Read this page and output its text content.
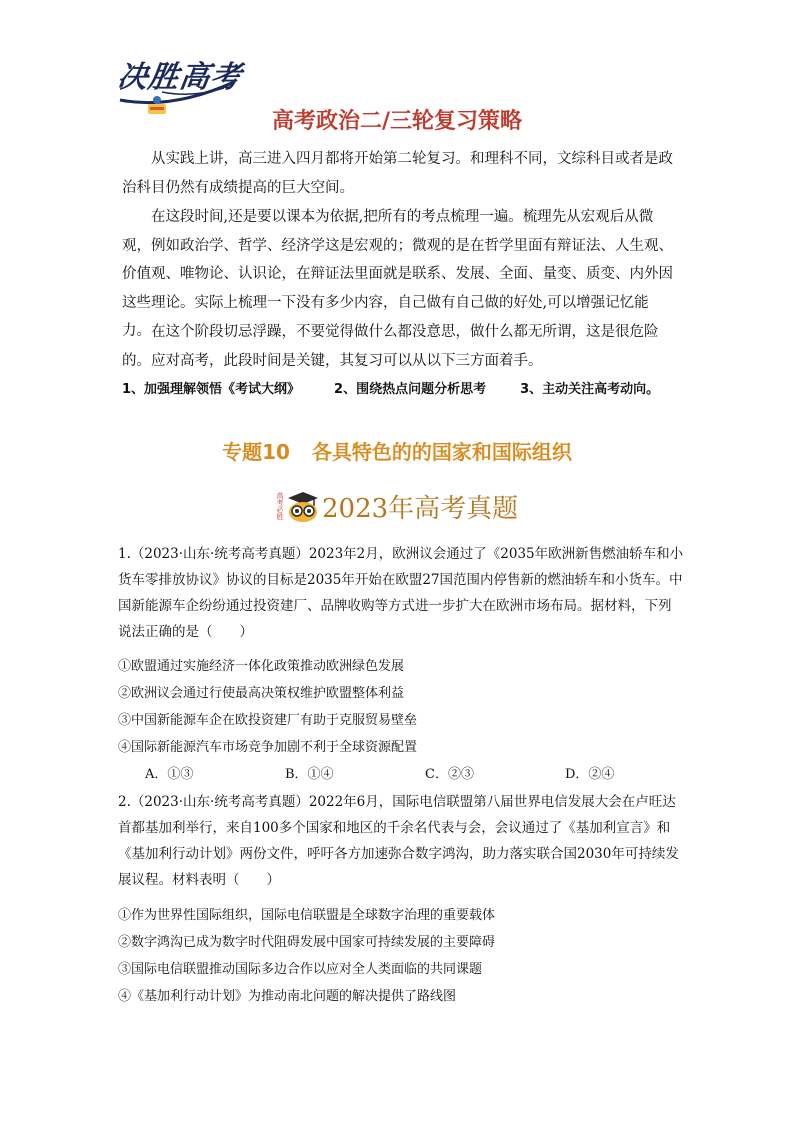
决胜高考
高考政治二/三轮复习策略

从实践上讲，高三进入四月都将开始第二轮复习。和理科不同，文综科目或者是政治科目仍然有成绩提高的巨大空间。

在这段时间,还是要以课本为依据,把所有的考点梳理一遍。梳理先从宏观后从微观，例如政治学、哲学、经济学这是宏观的；微观的是在哲学里面有辩证法、人生观、价值观、唯物论、认识论，在辩证法里面就是联系、发展、全面、量变、质变、内外因这些理论。实际上梳理一下没有多少内容，自己做有自己做的好处,可以增强记忆能力。 在这个阶段切忌浮躁，不要觉得做什么都没意思，做什么都无所谓，这是很危险的。应对高考，此段时间是关键，其复习可以从以下三方面着手。

1、加强理解领悟《考试大纲》	2、围绕热点问题分析思考	3、主动关注高考动向。
专题10 各具特色的的国家和国际组织
高考必胜 2023年高考真题

1.（2023·山东·统考高考真题）2023年2月，欧洲议会通过了《2035年欧洲新售燃油轿车和小货车零排放协议》协议的目标是2035年开始在欧盟27国范围内停售新的燃油轿车和小货车。中国新能源车企纷纷通过投资建厂、品牌收购等方式进一步扩大在欧洲市场布局。据材料，下列说法正确的是（　　）

①欧盟通过实施经济一体化政策推动欧洲绿色发展
②欧洲议会通过行使最高决策权维护欧盟整体利益
③中国新能源车企在欧投资建厂有助于克服贸易壁垒
④国际新能源汽车市场竞争加剧不利于全球资源配置
A．①③	B．①④	C．②③	D．②④

2.（2023·山东·统考高考真题）2022年6月，国际电信联盟第八届世界电信发展大会在卢旺达首都基加利举行，来自100多个国家和地区的千余名代表与会，会议通过了《基加利宣言》和《基加利行动计划》两份文件，呼吁各方加速弥合数字鸿沟，助力落实联合国2030年可持续发展议程。材料表明（　　）

①作为世界性国际组织，国际电信联盟是全球数字治理的重要载体
②数字鸿沟已成为数字时代阻碍发展中国家可持续发展的主要障碍
③国际电信联盟推动国际多边合作以应对全人类面临的共同课题
④《基加利行动计划》为推动南北问题的解决提供了路线图
